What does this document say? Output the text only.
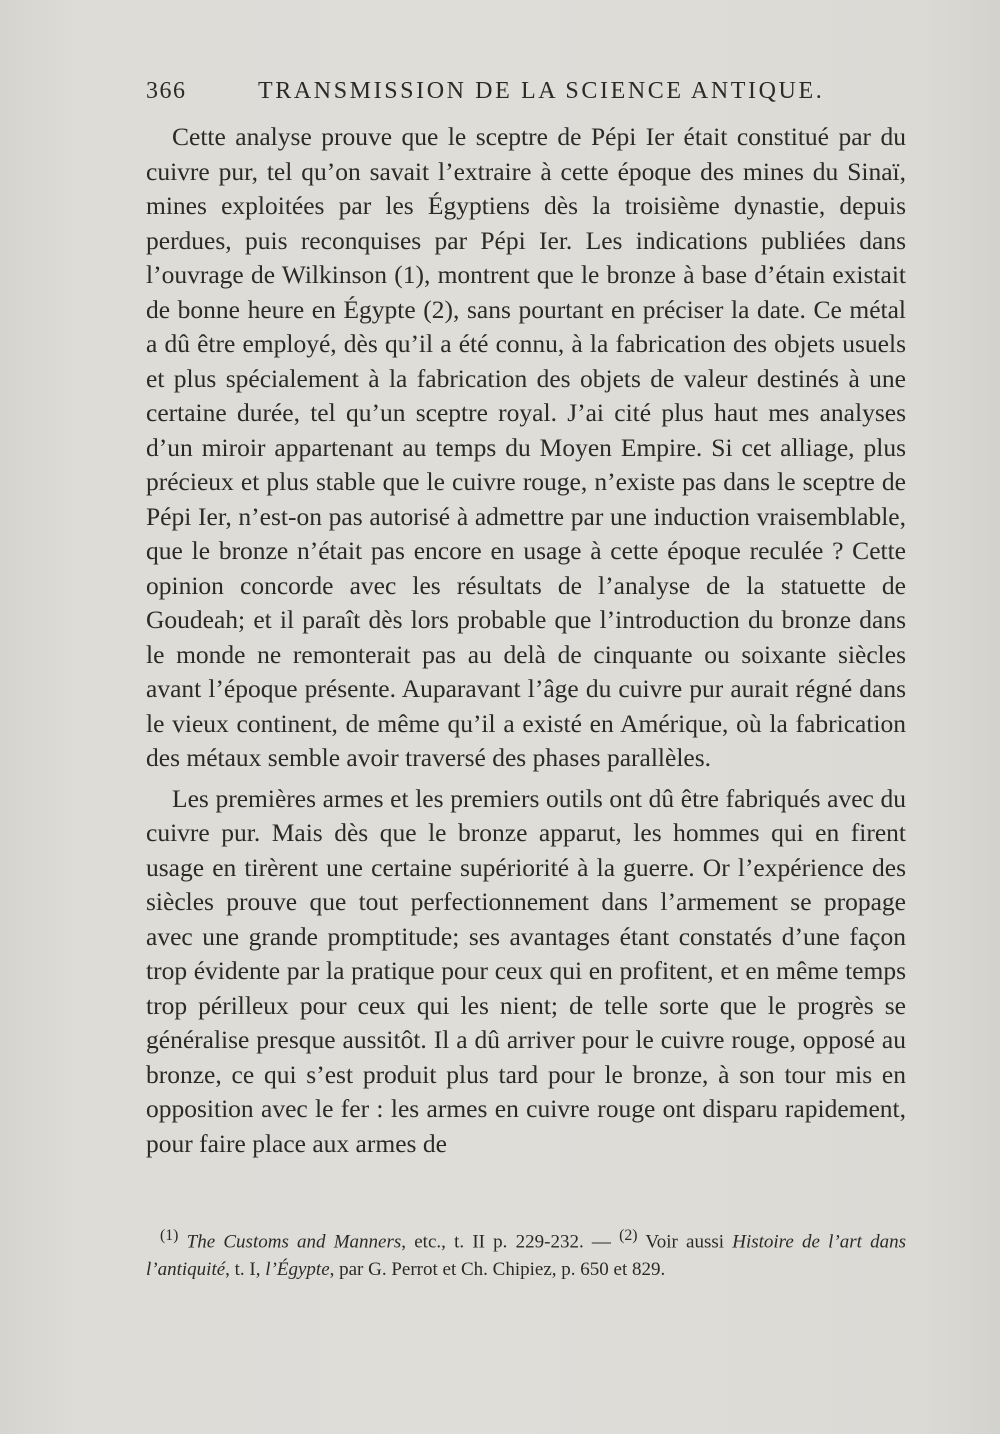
366	TRANSMISSION DE LA SCIENCE ANTIQUE.

Cette analyse prouve que le sceptre de Pépi Ier était constitué par du cuivre pur, tel qu’on savait l’extraire à cette époque des mines du Sinaï, mines exploitées par les Égyptiens dès la troisième dynastie, depuis perdues, puis reconquises par Pépi Ier. Les indications publiées dans l’ouvrage de Wilkinson (1), montrent que le bronze à base d’étain existait de bonne heure en Égypte (2), sans pourtant en préciser la date. Ce métal a dû être employé, dès qu’il a été connu, à la fabrication des objets usuels et plus spécialement à la fabrication des objets de valeur destinés à une certaine durée, tel qu’un sceptre royal. J’ai cité plus haut mes analyses d’un miroir appartenant au temps du Moyen Empire. Si cet alliage, plus précieux et plus stable que le cuivre rouge, n’existe pas dans le sceptre de Pépi Ier, n’est-on pas autorisé à admettre par une induction vraisemblable, que le bronze n’était pas encore en usage à cette époque reculée ? Cette opinion concorde avec les résultats de l’analyse de la statuette de Goudeah; et il paraît dès lors probable que l’introduction du bronze dans le monde ne remonterait pas au delà de cinquante ou soixante siècles avant l’époque présente. Auparavant l’âge du cuivre pur aurait régné dans le vieux continent, de même qu’il a existé en Amérique, où la fabrication des métaux semble avoir traversé des phases parallèles.

Les premières armes et les premiers outils ont dû être fabriqués avec du cuivre pur. Mais dès que le bronze apparut, les hommes qui en firent usage en tirèrent une certaine supériorité à la guerre. Or l’expérience des siècles prouve que tout perfectionnement dans l’armement se propage avec une grande promptitude; ses avantages étant constatés d’une façon trop évidente par la pratique pour ceux qui en profitent, et en même temps trop périlleux pour ceux qui les nient; de telle sorte que le progrès se généralise presque aussitôt. Il a dû arriver pour le cuivre rouge, opposé au bronze, ce qui s’est produit plus tard pour le bronze, à son tour mis en opposition avec le fer : les armes en cuivre rouge ont disparu rapidement, pour faire place aux armes de

$^{(1)}$ The Customs and Manners, etc., t. II p. 229-232. — $^{(2)}$ Voir aussi Histoire de l’art dans l’antiquité, t. I, l’Égypte, par G. Perrot et Ch. Chipiez, p. 650 et 829.
